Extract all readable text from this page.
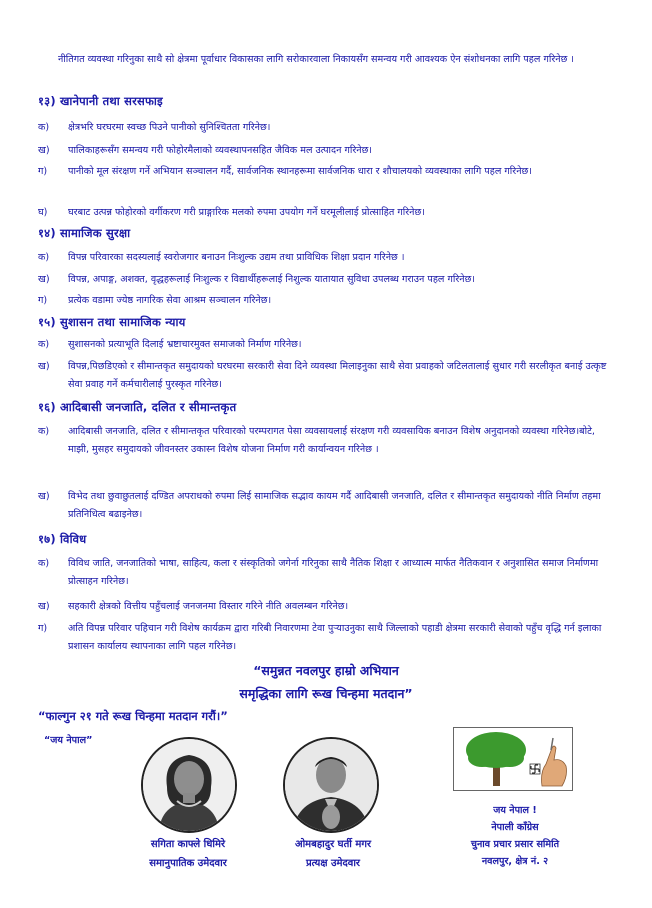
नीतिगत व्यवस्था गरिनुका साथै सो क्षेत्रमा पूर्वाधार विकासका लागि सरोकारवाला निकायसँग समन्वय गरी आवश्यक ऐन संशोधनका लागि पहल गरिनेछ ।
१३) खानेपानी तथा सरसफाइ
क)	क्षेत्रभरि घरघरमा स्वच्छ पिउने पानीको सुनिश्चितता गरिनेछ।
ख)	पालिकाहरूसँग समन्वय गरी फोहोरमैलाको व्यवस्थापनसहित जैविक मल उत्पादन गरिनेछ।
ग)	पानीको मूल संरक्षण गर्ने अभियान सञ्चालन गर्दै, सार्वजनिक स्थानहरूमा सार्वजनिक धारा र शौचालयको व्यवस्थाका लागि पहल गरिनेछ।
घ)	घरबाट उत्पन्न फोहोरको वर्गीकरण गरी प्राङ्गारिक मलको रुपमा उपयोग गर्ने घरमूलीलाई प्रोत्साहित गरिनेछ।
१४) सामाजिक सुरक्षा
क)	विपन्न परिवारका सदस्यलाई स्वरोजगार बनाउन निःशुल्क उद्यम तथा प्राविधिक शिक्षा प्रदान गरिनेछ ।
ख)	विपन्न, अपाङ्ग, अशक्त, वृद्धहरूलाई निःशुल्क र विद्यार्थीहरूलाई निशुल्क यातायात सुविधा उपलब्ध गराउन पहल गरिनेछ।
ग)	प्रत्येक वडामा ज्येष्ठ नागरिक सेवा आश्रम सञ्चालन गरिनेछ।
१५) सुशासन तथा सामाजिक न्याय
क)	सुशासनको प्रत्याभूति दिलाई भ्रष्टाचारमुक्त समाजको निर्माण गरिनेछ।
ख)	विपन्न,पिछडिएको र सीमान्तकृत समुदायको घरघरमा सरकारी सेवा दिने व्यवस्था मिलाइनुका साथै सेवा प्रवाहको जटिलतालाई सुधार गरी सरलीकृत बनाई उत्कृष्ट सेवा प्रवाह गर्ने कर्मचारीलाई पुरस्कृत गरिनेछ।
१६) आदिबासी जनजाति, दलित र सीमान्तकृत
क)	आदिबासी जनजाति, दलित र सीमान्तकृत परिवारको परम्परागत पेसा व्यवसायलाई संरक्षण गरी व्यवसायिक बनाउन विशेष अनुदानको व्यवस्था गरिनेछ।बोटे, माझी, मुसहर समुदायको जीवनस्तर उकास्न विशेष योजना निर्माण गरी कार्यान्वयन गरिनेछ ।
ख)	विभेद तथा छुवाछुतलाई दण्डित अपराधको रुपमा लिई सामाजिक सद्भाव कायम गर्दै आदिबासी जनजाति, दलित र सीमान्तकृत समुदायको नीति निर्माण तहमा प्रतिनिधित्व बढाइनेछ।
१७) विविध
क)	विविध जाति, जनजातिको भाषा, साहित्य, कला र संस्कृतिको जगेर्ना गरिनुका साथै नैतिक शिक्षा र आध्यात्म मार्फत नैतिकवान र अनुशासित समाज निर्माणमा प्रोत्साहन गरिनेछ।
ख)	सहकारी क्षेत्रको वित्तीय पहुँचलाई जनजनमा विस्तार गरिने नीति अवलम्बन गरिनेछ।
ग)	अति विपन्न परिवार पहिचान गरी विशेष कार्यक्रम द्वारा गरिबी निवारणमा टेवा पुऱ्याउनुका साथै जिल्लाको पहाडी क्षेत्रमा सरकारी सेवाको पहुँच वृद्धि गर्न इलाका प्रशासन कार्यालय स्थापनाका लागि पहल गरिनेछ।
“समुन्नत नवलपुर हाम्रो अभियान
समृद्धिका लागि रूख चिन्हमा मतदान”
“फाल्गुन २१ गते रूख चिन्हमा मतदान गरौं।”
“जय नेपाल”
सगिता काफ्ले धिमिरे
समानुपातिक उमेदवार
ओमबहादुर घर्ती मगर
प्रत्यक्ष उमेदवार
जय नेपाल !
नेपाली काँग्रेस
चुनाव प्रचार प्रसार समिति
नवलपुर, क्षेत्र नं. २
